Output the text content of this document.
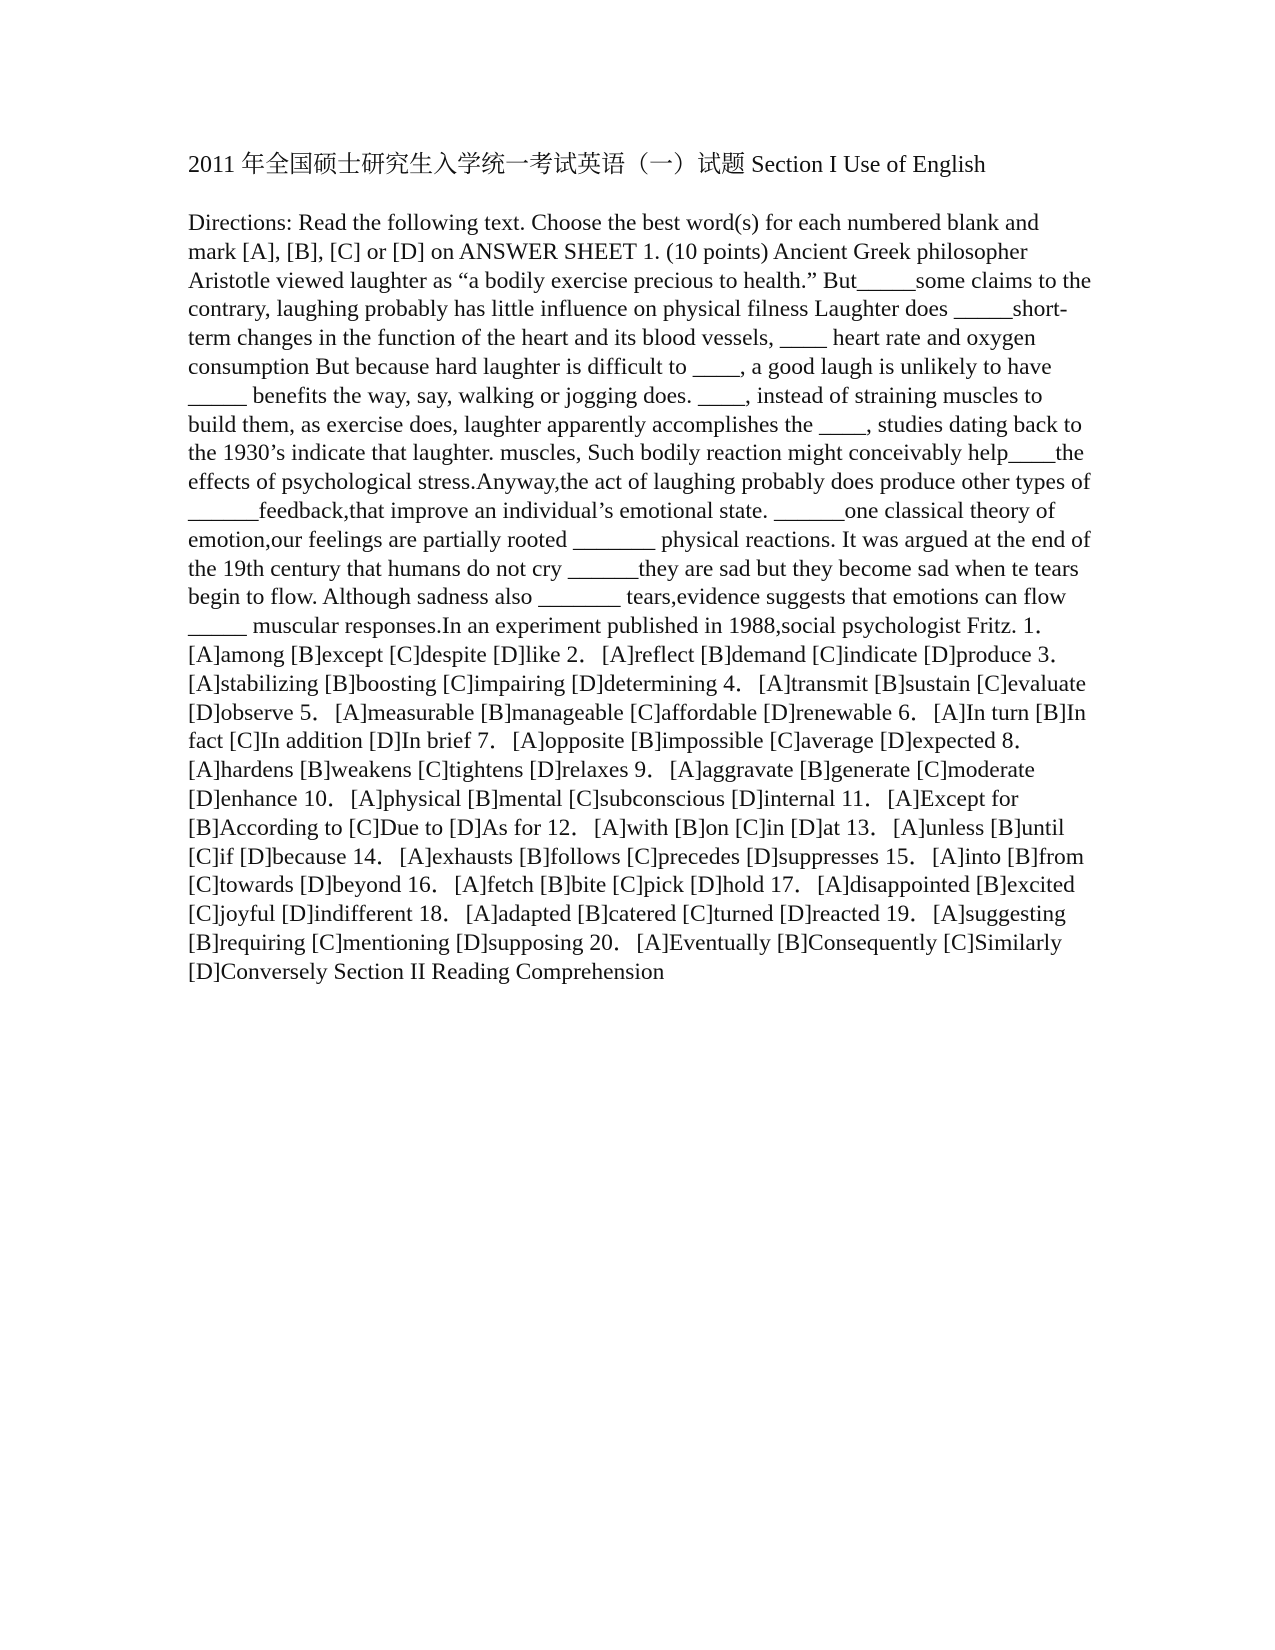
2011 年全国硕士研究生入学统一考试英语（一）试题 Section I Use of English

Directions: Read the following text. Choose the best word(s) for each numbered blank and mark [A], [B], [C] or [D] on ANSWER SHEET 1. (10 points) Ancient Greek philosopher Aristotle viewed laughter as “a bodily exercise precious to health.” But_____some claims to the contrary, laughing probably has little influence on physical filness Laughter does _____short-term changes in the function of the heart and its blood vessels, ____ heart rate and oxygen consumption But because hard laughter is difficult to ____, a good laugh is unlikely to have _____ benefits the way, say, walking or jogging does. ____, instead of straining muscles to build them, as exercise does, laughter apparently accomplishes the ____, studies dating back to the 1930’s indicate that laughter. muscles, Such bodily reaction might conceivably help____the effects of psychological stress.Anyway,the act of laughing probably does produce other types of ______feedback,that improve an individual’s emotional state. ______one classical theory of emotion,our feelings are partially rooted _______ physical reactions. It was argued at the end of the 19th century that humans do not cry ______they are sad but they become sad when te tears begin to flow. Although sadness also _______ tears,evidence suggests that emotions can flow _____ muscular responses.In an experiment published in 1988,social psychologist Fritz. 1．[A]among [B]except [C]despite [D]like 2．[A]reflect [B]demand [C]indicate [D]produce 3．[A]stabilizing [B]boosting [C]impairing [D]determining 4．[A]transmit [B]sustain [C]evaluate [D]observe 5．[A]measurable [B]manageable [C]affordable [D]renewable 6．[A]In turn [B]In fact [C]In addition [D]In brief 7．[A]opposite [B]impossible [C]average [D]expected 8．[A]hardens [B]weakens [C]tightens [D]relaxes 9．[A]aggravate [B]generate [C]moderate [D]enhance 10．[A]physical [B]mental [C]subconscious [D]internal 11．[A]Except for [B]According to [C]Due to [D]As for 12．[A]with [B]on [C]in [D]at 13．[A]unless [B]until [C]if [D]because 14．[A]exhausts [B]follows [C]precedes [D]suppresses 15．[A]into [B]from [C]towards [D]beyond 16．[A]fetch [B]bite [C]pick [D]hold 17．[A]disappointed [B]excited [C]joyful [D]indifferent 18．[A]adapted [B]catered [C]turned [D]reacted 19．[A]suggesting [B]requiring [C]mentioning [D]supposing 20．[A]Eventually [B]Consequently [C]Similarly [D]Conversely Section II Reading Comprehension
